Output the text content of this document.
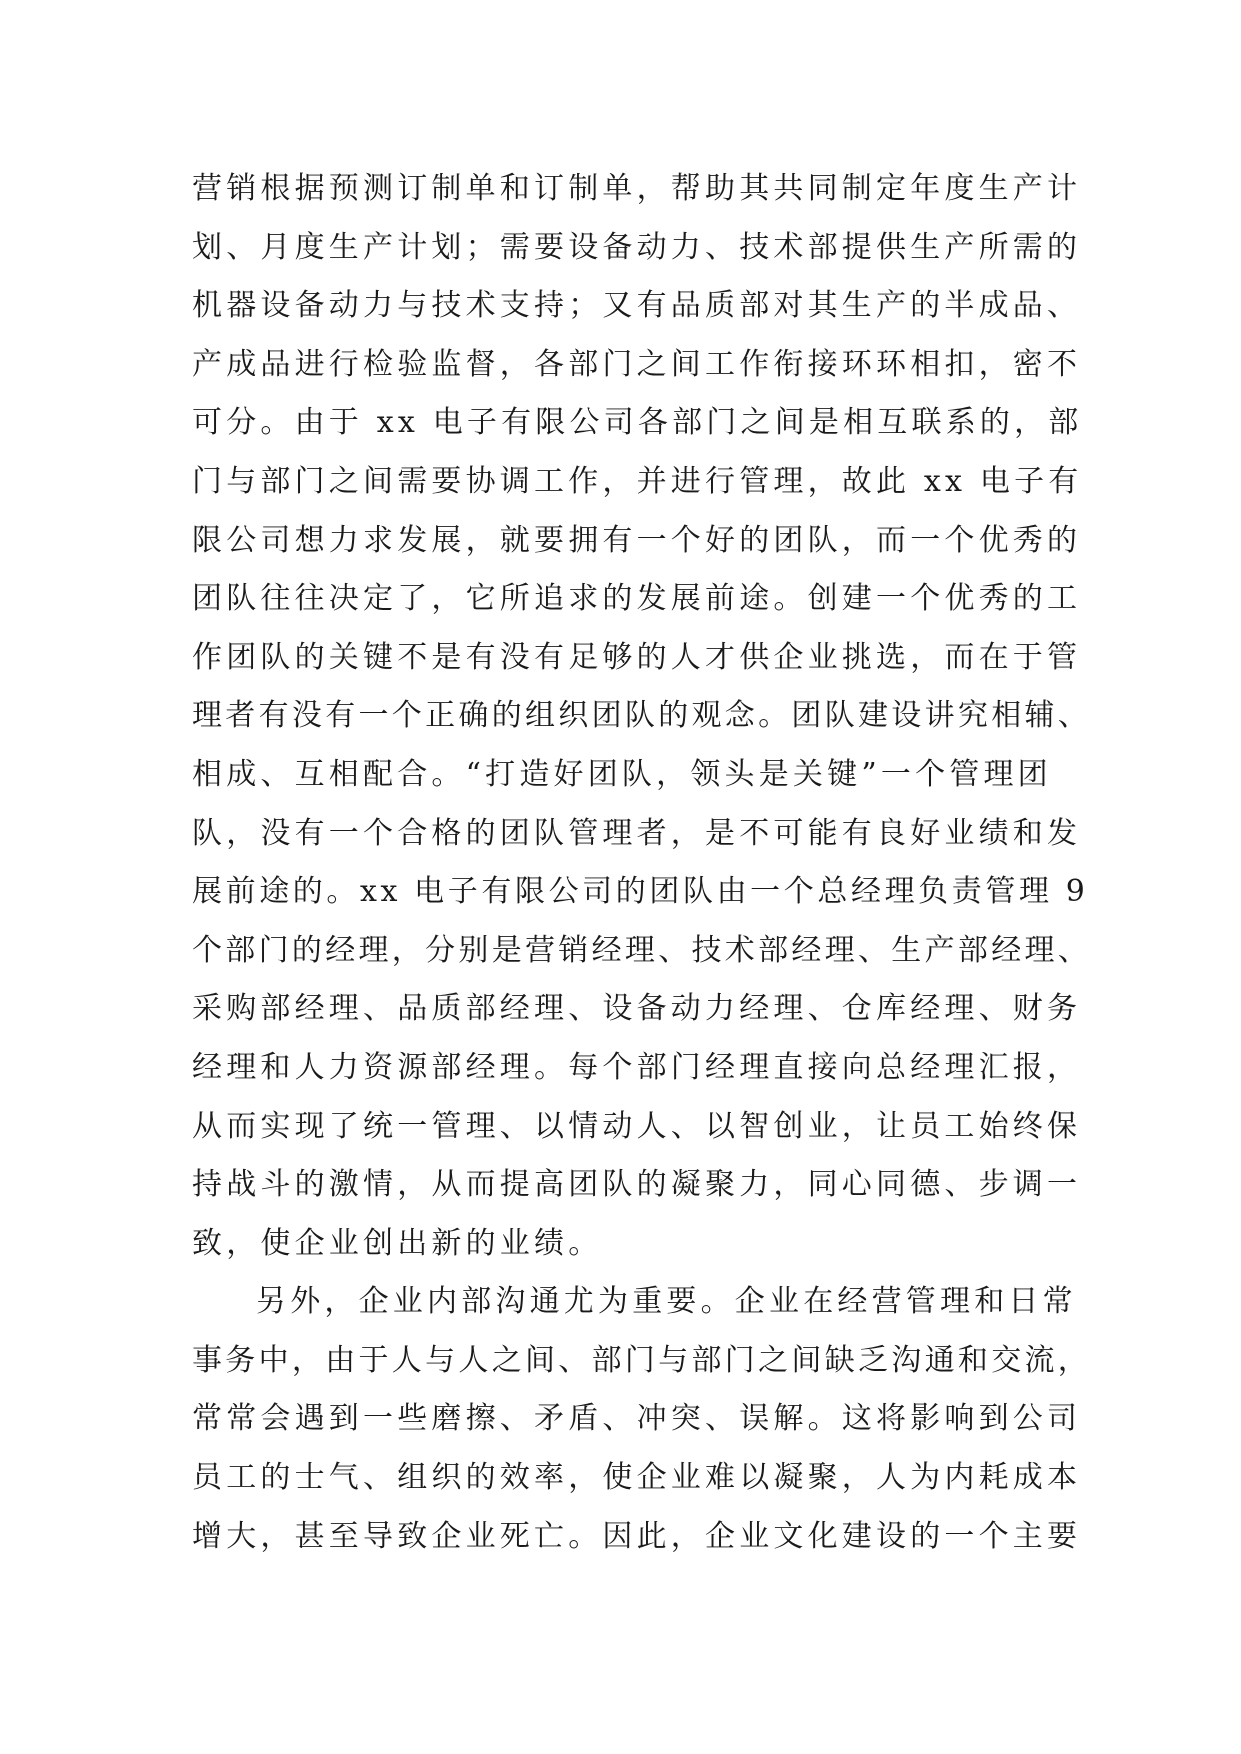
营销根据预测订制单和订制单，帮助其共同制定年度生产计
划、月度生产计划；需要设备动力、技术部提供生产所需的
机器设备动力与技术支持；又有品质部对其生产的半成品、
产成品进行检验监督，各部门之间工作衔接环环相扣，密不
可分。由于 xx 电子有限公司各部门之间是相互联系的，部
门与部门之间需要协调工作，并进行管理，故此 xx 电子有
限公司想力求发展，就要拥有一个好的团队，而一个优秀的
团队往往决定了，它所追求的发展前途。创建一个优秀的工
作团队的关键不是有没有足够的人才供企业挑选，而在于管
理者有没有一个正确的组织团队的观念。团队建设讲究相辅、
相成、互相配合。“打造好团队，领头是关键”一个管理团
队，没有一个合格的团队管理者，是不可能有良好业绩和发
展前途的。xx 电子有限公司的团队由一个总经理负责管理 9
个部门的经理，分别是营销经理、技术部经理、生产部经理、
采购部经理、品质部经理、设备动力经理、仓库经理、财务
经理和人力资源部经理。每个部门经理直接向总经理汇报，
从而实现了统一管理、以情动人、以智创业，让员工始终保
持战斗的激情，从而提高团队的凝聚力，同心同德、步调一
致，使企业创出新的业绩。
另外，企业内部沟通尤为重要。企业在经营管理和日常
事务中，由于人与人之间、部门与部门之间缺乏沟通和交流，
常常会遇到一些磨擦、矛盾、冲突、误解。这将影响到公司
员工的士气、组织的效率，使企业难以凝聚，人为内耗成本
增大，甚至导致企业死亡。因此，企业文化建设的一个主要
